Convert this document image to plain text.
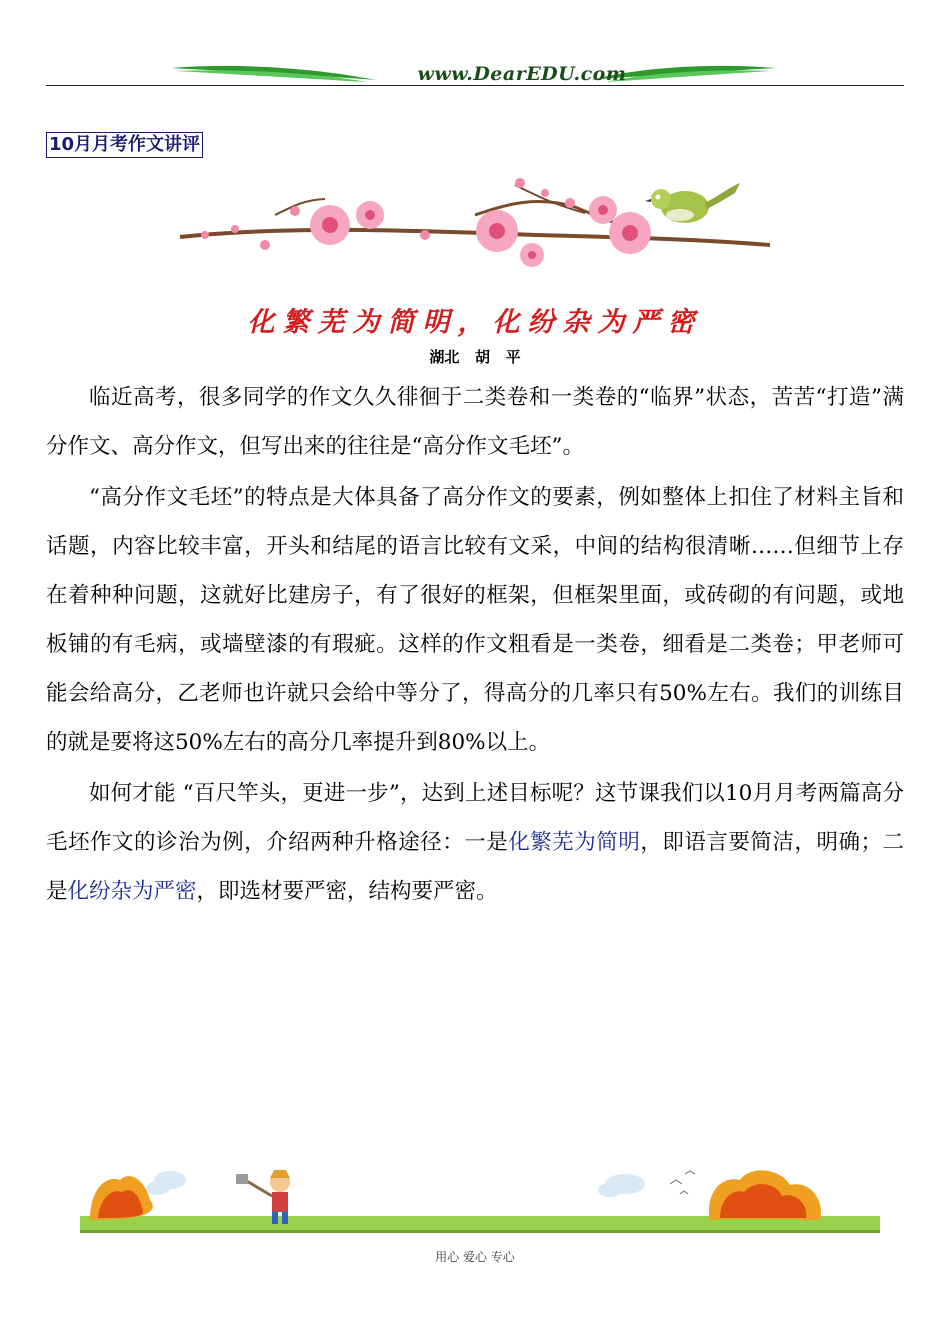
www.DearEDU.com
10月月考作文讲评
化繁芜为简明，化纷杂为严密
湖北   胡   平

临近高考，很多同学的作文久久徘徊于二类卷和一类卷的“临界”状态，苦苦“打造”满分作文、高分作文，但写出来的往往是“高分作文毛坯”。

“高分作文毛坯”的特点是大体具备了高分作文的要素，例如整体上扣住了材料主旨和话题，内容比较丰富，开头和结尾的语言比较有文采，中间的结构很清晰……但细节上存在着种种问题，这就好比建房子，有了很好的框架，但框架里面，或砖砌的有问题，或地板铺的有毛病，或墙壁漆的有瑕疵。这样的作文粗看是一类卷，细看是二类卷；甲老师可能会给高分，乙老师也许就只会给中等分了，得高分的几率只有50%左右。我们的训练目的就是要将这50%左右的高分几率提升到80%以上。

如何才能 “百尺竿头，更进一步”，达到上述目标呢？这节课我们以10月月考两篇高分毛坯作文的诊治为例，介绍两种升格途径：一是化繁芜为简明，即语言要简洁，明确；二是化纷杂为严密，即选材要严密，结构要严密。

用心 爱心 专心
